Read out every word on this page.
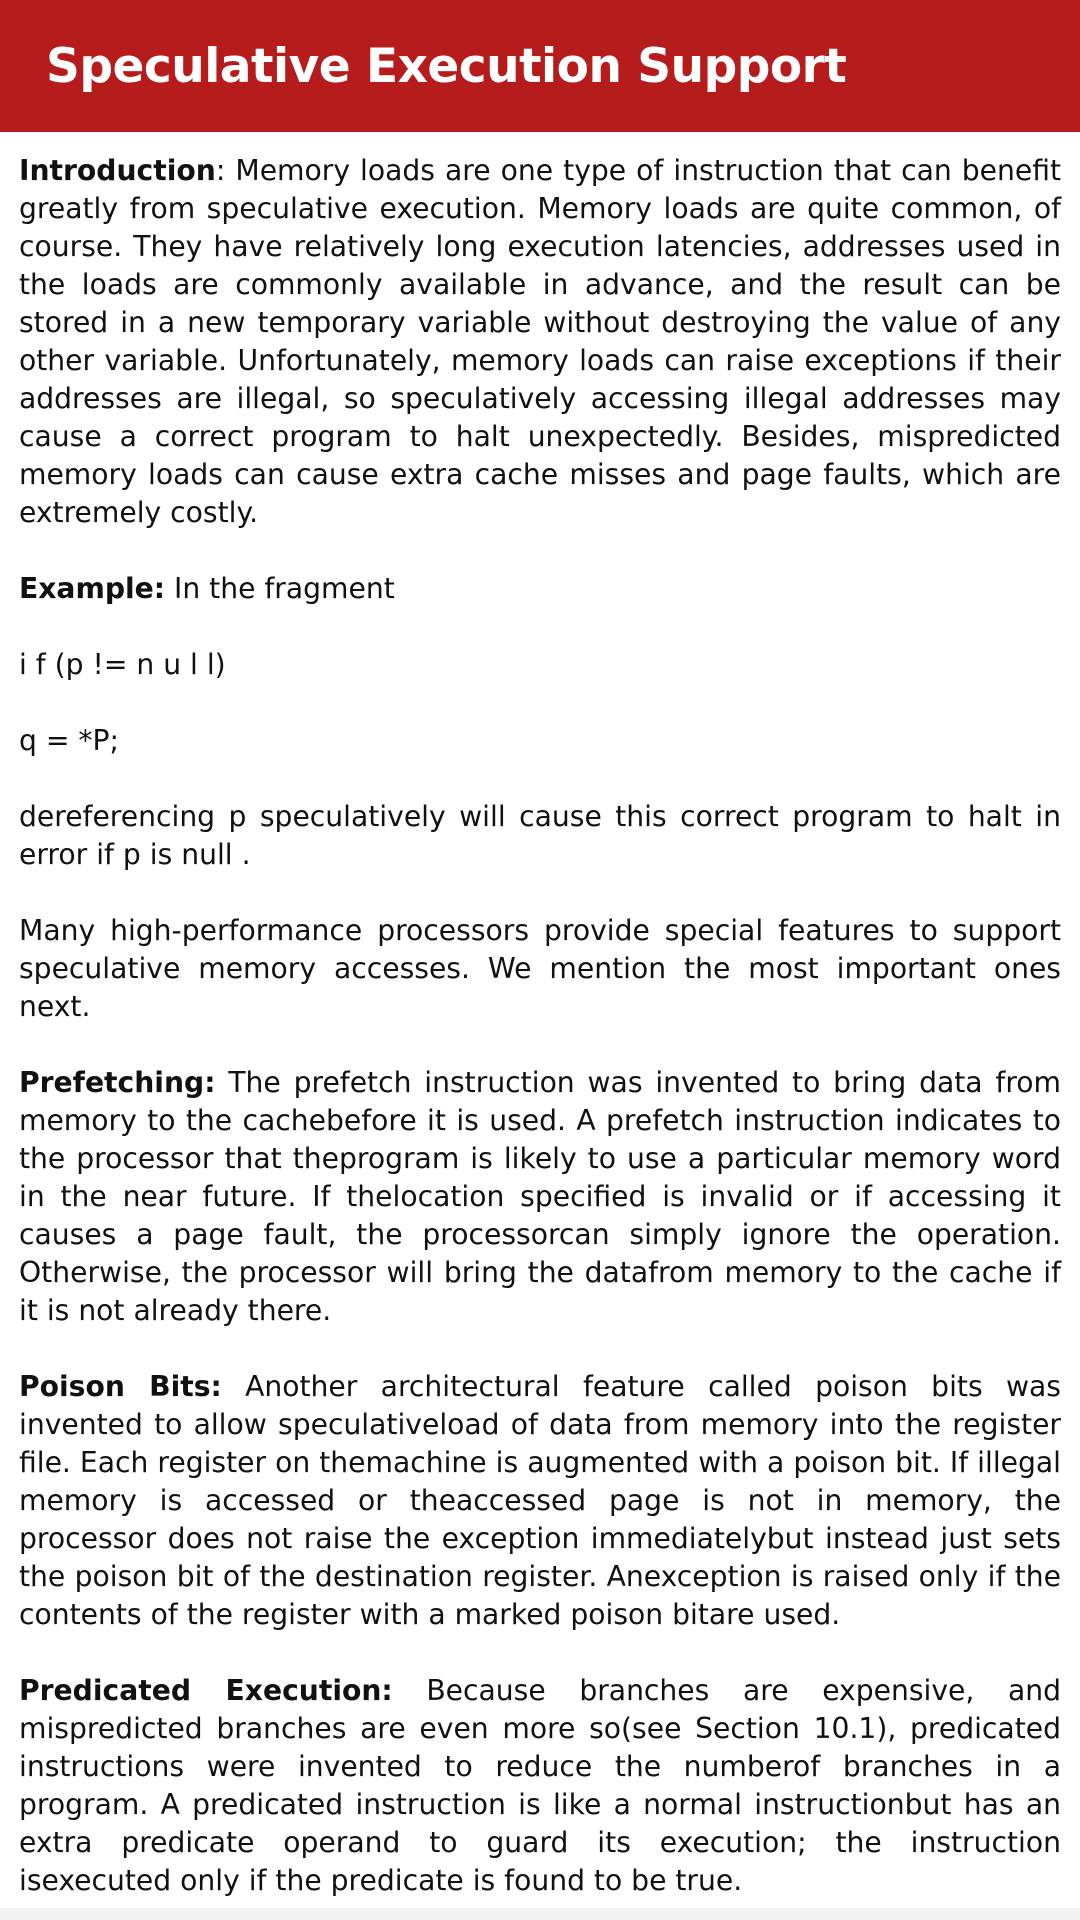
Speculative Execution Support

Introduction: Memory loads are one type of instruction that can benefit greatly from speculative execution. Memory loads are quite common, of course. They have relatively long execution latencies, addresses used in the loads are commonly available in advance, and the result can be stored in a new temporary variable without destroying the value of any other variable. Unfortunately, memory loads can raise exceptions if their addresses are illegal, so speculatively accessing illegal addresses may cause a correct program to halt unexpectedly. Besides, mispredicted memory loads can cause extra cache misses and page faults, which are extremely costly.

Example: In the fragment

i f (p != n u l l)

q = *P;

dereferencing p speculatively will cause this correct program to halt in error if p is null .

Many high-performance processors provide special features to support speculative memory accesses. We mention the most important ones next.

Prefetching: The prefetch instruction was invented to bring data from memory to the cachebefore it is used. A prefetch instruction indicates to the processor that theprogram is likely to use a particular memory word in the near future. If thelocation specified is invalid or if accessing it causes a page fault, the processorcan simply ignore the operation. Otherwise, the processor will bring the datafrom memory to the cache if it is not already there.

Poison Bits: Another architectural feature called poison bits was invented to allow speculativeload of data from memory into the register file. Each register on themachine is augmented with a poison bit. If illegal memory is accessed or theaccessed page is not in memory, the processor does not raise the exception immediatelybut instead just sets the poison bit of the destination register. Anexception is raised only if the contents of the register with a marked poison bitare used.

Predicated Execution: Because branches are expensive, and mispredicted branches are even more so(see Section 10.1), predicated instructions were invented to reduce the numberof branches in a program. A predicated instruction is like a normal instructionbut has an extra predicate operand to guard its execution; the instruction isexecuted only if the predicate is found to be true.
